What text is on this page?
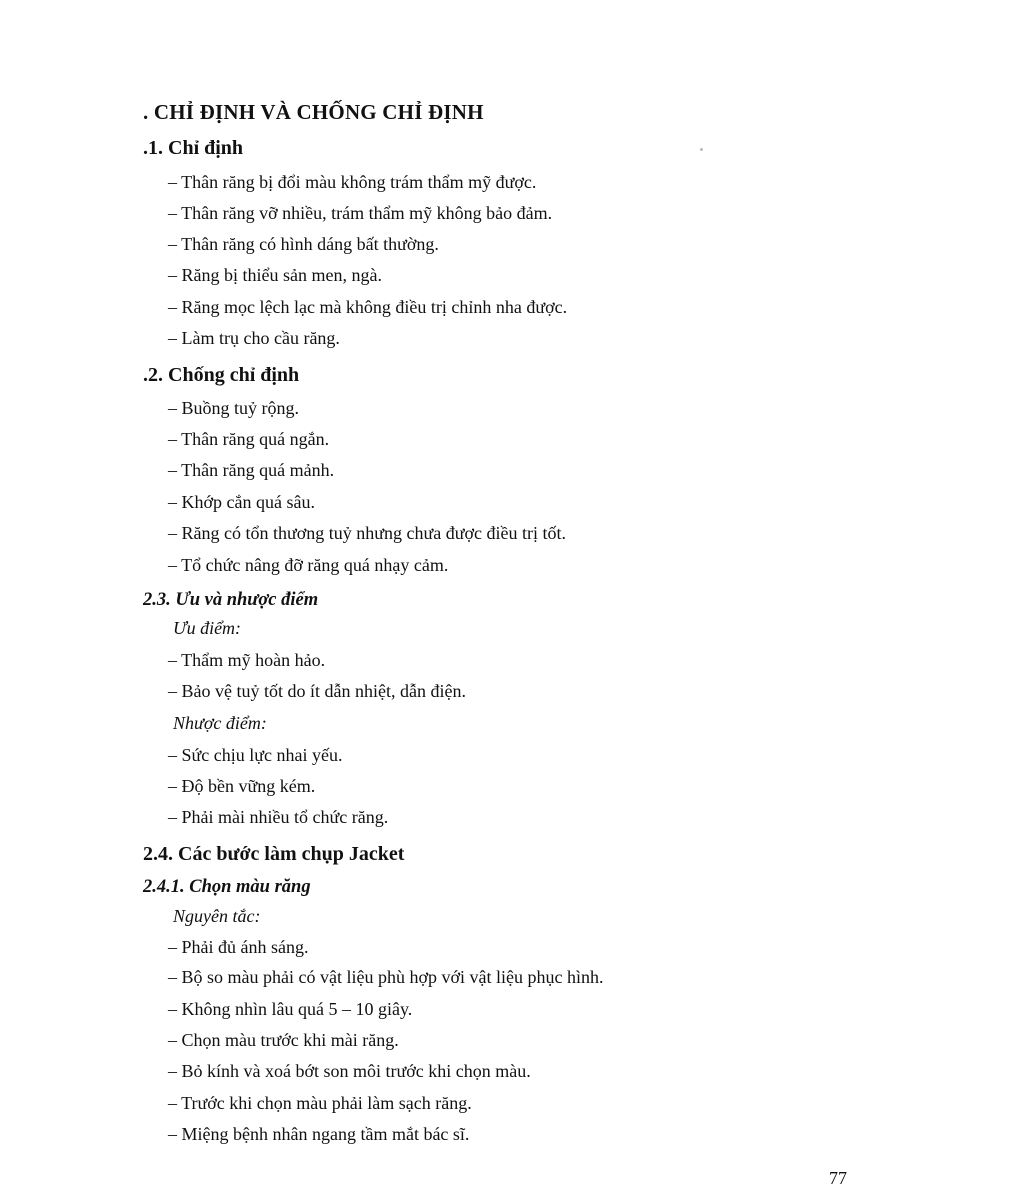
. CHỈ ĐỊNH VÀ CHỐNG CHỈ ĐỊNH
.1. Chỉ định
– Thân răng bị đổi màu không trám thẩm mỹ được.
– Thân răng vỡ nhiều, trám thẩm mỹ không bảo đảm.
– Thân răng có hình dáng bất thường.
– Răng bị thiểu sản men, ngà.
– Răng mọc lệch lạc mà không điều trị chỉnh nha được.
– Làm trụ cho cầu răng.
.2. Chống chỉ định
– Buồng tuỷ rộng.
– Thân răng quá ngắn.
– Thân răng quá mảnh.
– Khớp cắn quá sâu.
– Răng có tổn thương tuỷ nhưng chưa được điều trị tốt.
– Tổ chức nâng đỡ răng quá nhạy cảm.
2.3. Ưu và nhược điểm
Ưu điểm:
– Thẩm mỹ hoàn hảo.
– Bảo vệ tuỷ tốt do ít dẫn nhiệt, dẫn điện.
Nhược điểm:
– Sức chịu lực nhai yếu.
– Độ bền vững kém.
– Phải mài nhiều tổ chức răng.
2.4. Các bước làm chụp Jacket
2.4.1. Chọn màu răng
Nguyên tắc:
– Phải đủ ánh sáng.
– Bộ so màu phải có vật liệu phù hợp với vật liệu phục hình.
– Không nhìn lâu quá 5 – 10 giây.
– Chọn màu trước khi mài răng.
– Bỏ kính và xoá bớt son môi trước khi chọn màu.
– Trước khi chọn màu phải làm sạch răng.
– Miệng bệnh nhân ngang tầm mắt bác sĩ.
77
